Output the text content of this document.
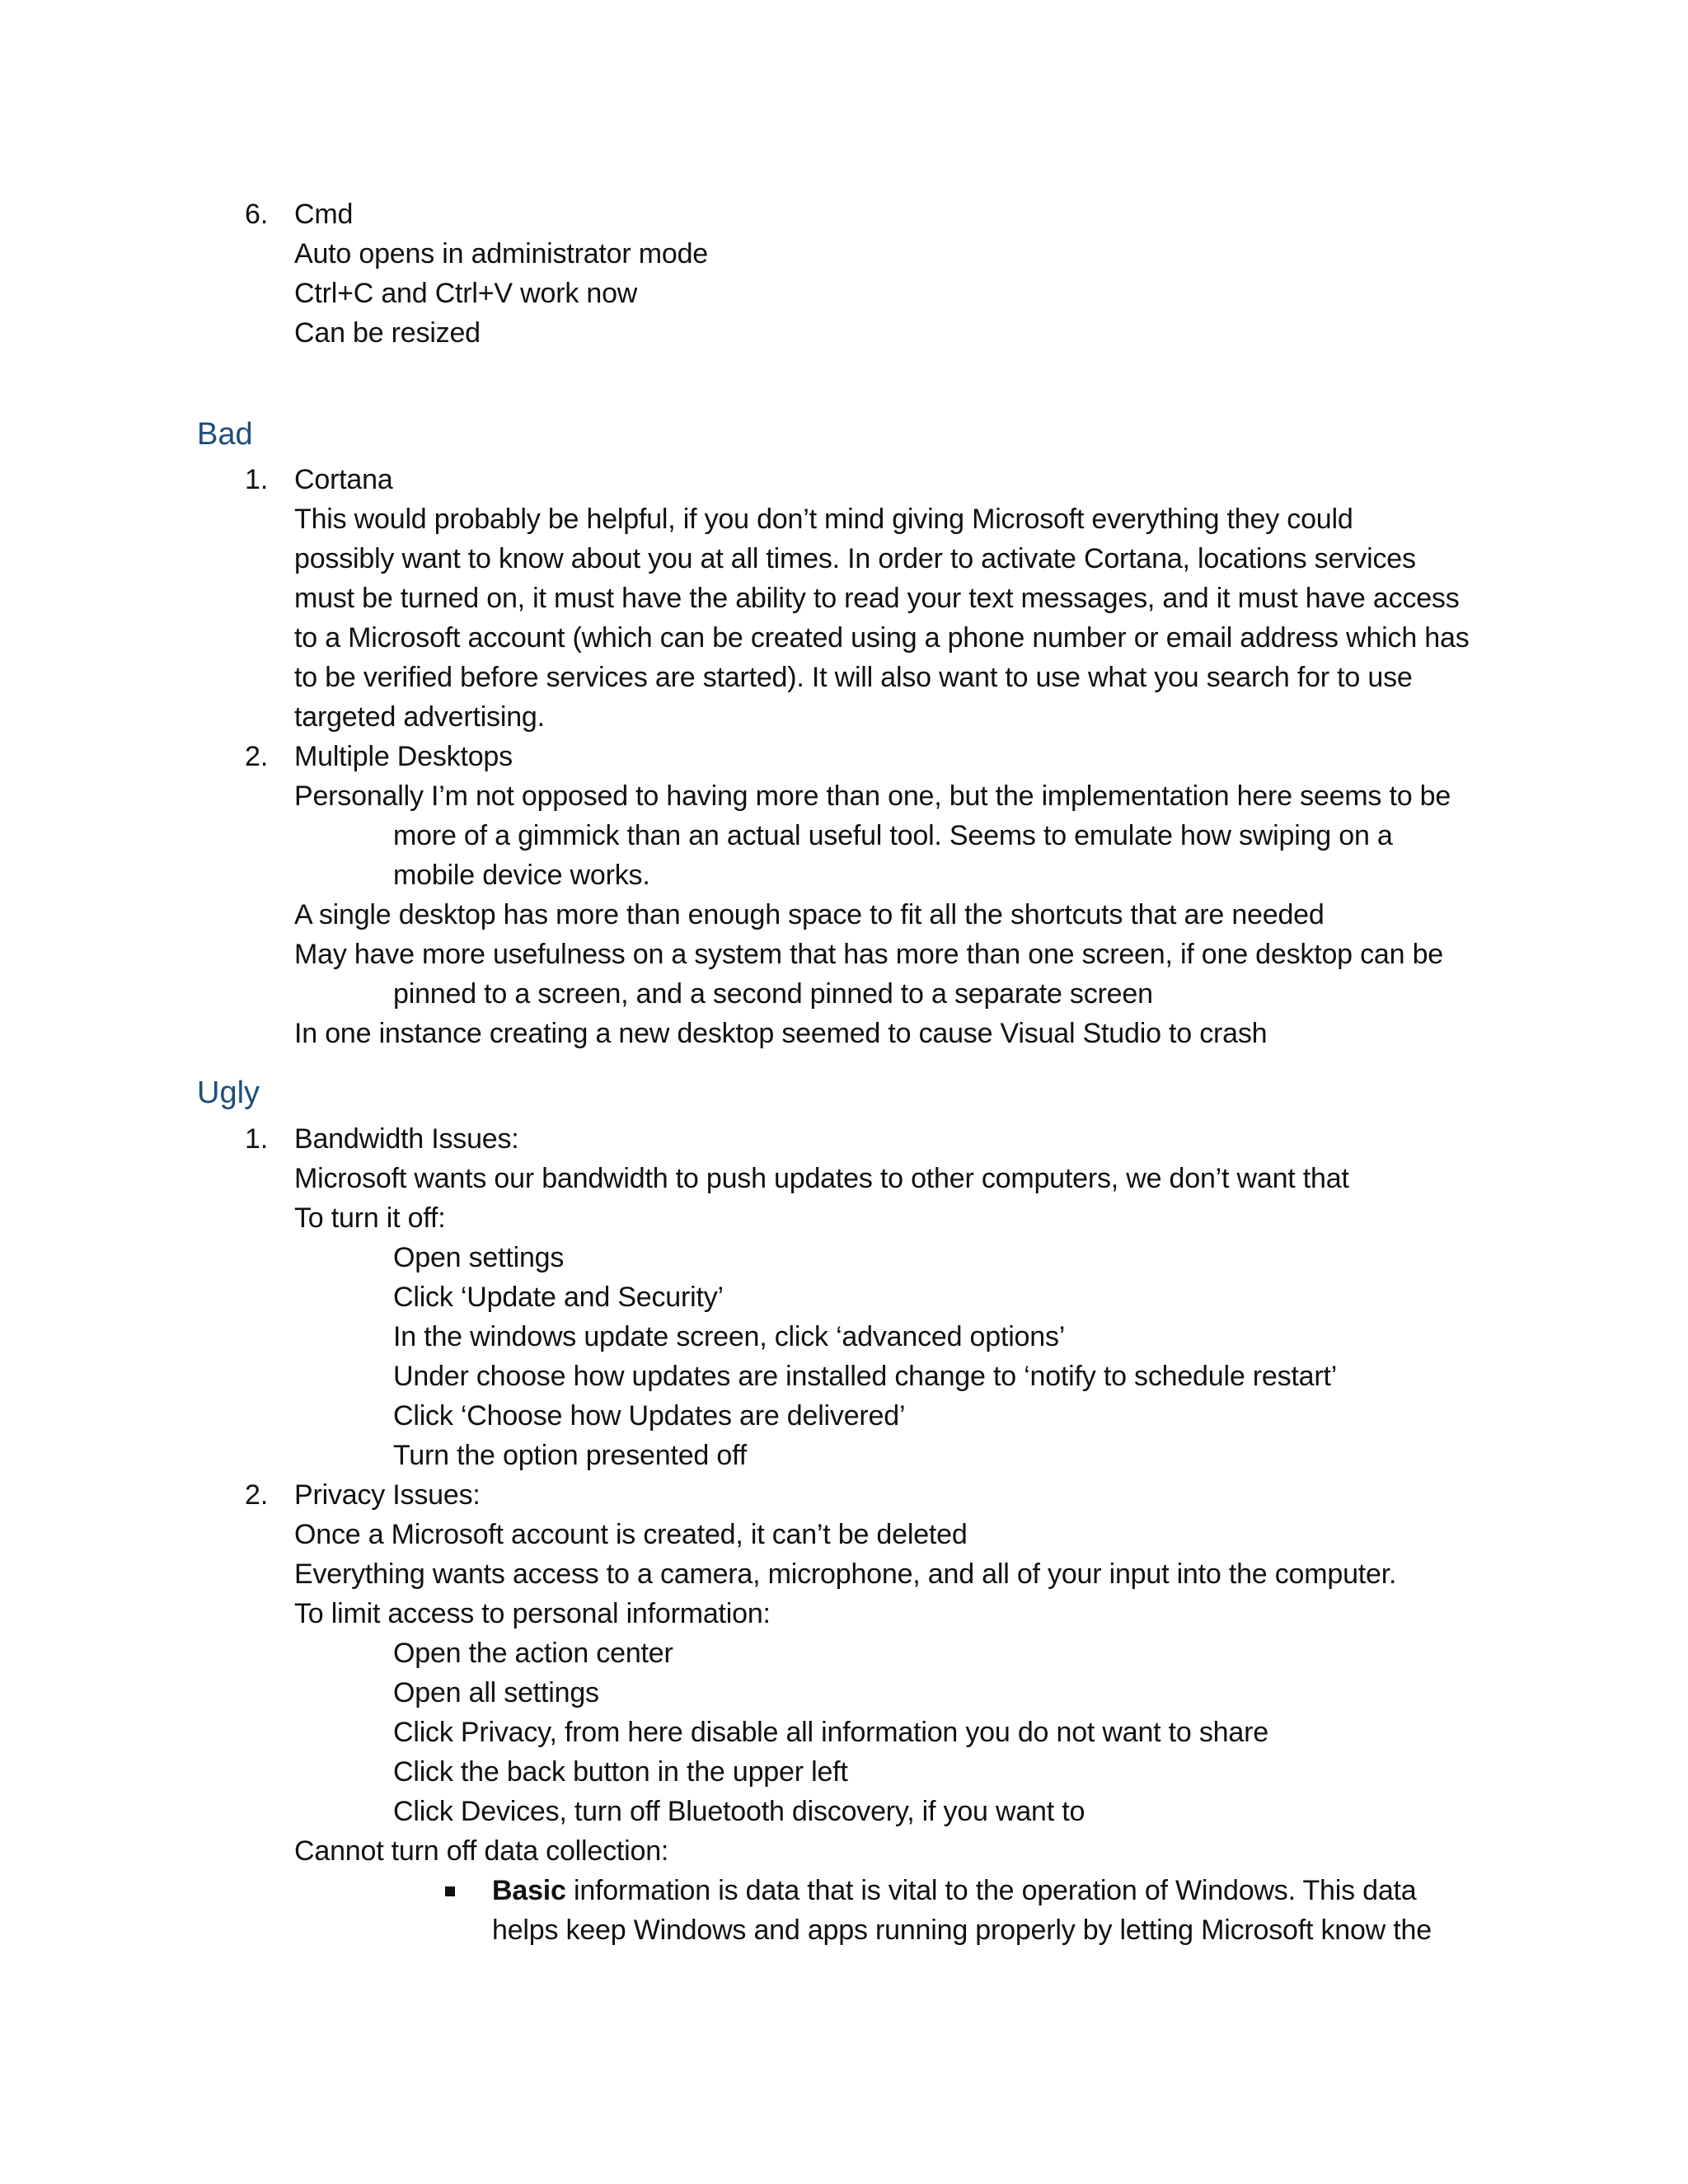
6. Cmd
Auto opens in administrator mode
Ctrl+C and Ctrl+V work now
Can be resized
Bad
1. Cortana
This would probably be helpful, if you don’t mind giving Microsoft everything they could
possibly want to know about you at all times. In order to activate Cortana, locations services
must be turned on, it must have the ability to read your text messages, and it must have access
to a Microsoft account (which can be created using a phone number or email address which has
to be verified before services are started). It will also want to use what you search for to use
targeted advertising.
2. Multiple Desktops
Personally I’m not opposed to having more than one, but the implementation here seems to be
more of a gimmick than an actual useful tool. Seems to emulate how swiping on a
mobile device works.
A single desktop has more than enough space to fit all the shortcuts that are needed
May have more usefulness on a system that has more than one screen, if one desktop can be
pinned to a screen, and a second pinned to a separate screen
In one instance creating a new desktop seemed to cause Visual Studio to crash
Ugly
1. Bandwidth Issues:
Microsoft wants our bandwidth to push updates to other computers, we don’t want that
To turn it off:
Open settings
Click ‘Update and Security’
In the windows update screen, click ‘advanced options’
Under choose how updates are installed change to ‘notify to schedule restart’
Click ‘Choose how Updates are delivered’
Turn the option presented off
2. Privacy Issues:
Once a Microsoft account is created, it can’t be deleted
Everything wants access to a camera, microphone, and all of your input into the computer.
To limit access to personal information:
Open the action center
Open all settings
Click Privacy, from here disable all information you do not want to share
Click the back button in the upper left
Click Devices, turn off Bluetooth discovery, if you want to
Cannot turn off data collection:
Basic information is data that is vital to the operation of Windows. This data
helps keep Windows and apps running properly by letting Microsoft know the
